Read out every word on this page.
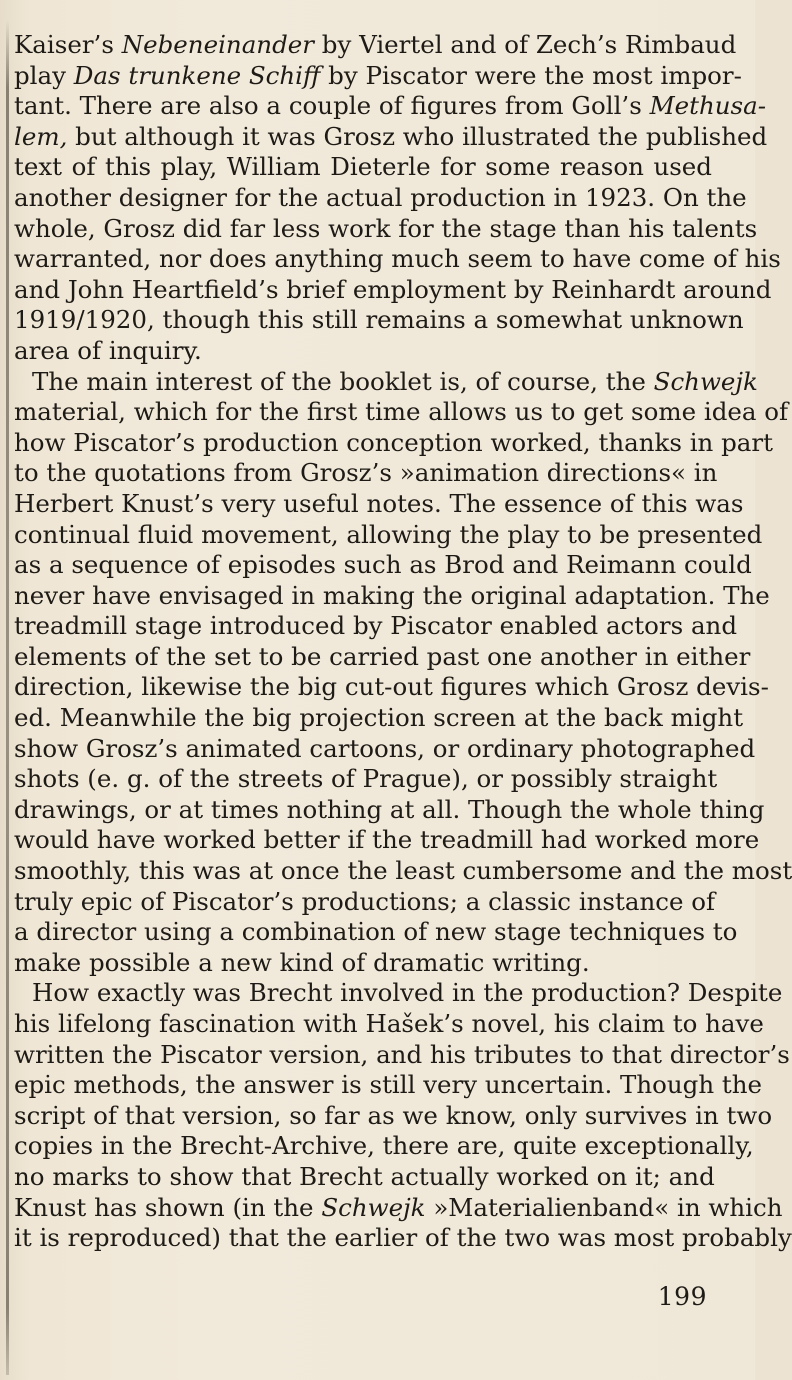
Kaiser’s Nebeneinander by Viertel and of Zech’s Rimbaud
play Das trunkene Schiff by Piscator were the most impor-
tant. There are also a couple of figures from Goll’s Methusa-
lem, but although it was Grosz who illustrated the published
text of this play, William Dieterle for some reason used
another designer for the actual production in 1923. On the
whole, Grosz did far less work for the stage than his talents
warranted, nor does anything much seem to have come of his
and John Heartfield’s brief employment by Reinhardt around
1919/1920, though this still remains a somewhat unknown
area of inquiry.
The main interest of the booklet is, of course, the Schwejk
material, which for the first time allows us to get some idea of
how Piscator’s production conception worked, thanks in part
to the quotations from Grosz’s »animation directions« in
Herbert Knust’s very useful notes. The essence of this was
continual fluid movement, allowing the play to be presented
as a sequence of episodes such as Brod and Reimann could
never have envisaged in making the original adaptation. The
treadmill stage introduced by Piscator enabled actors and
elements of the set to be carried past one another in either
direction, likewise the big cut-out figures which Grosz devis-
ed. Meanwhile the big projection screen at the back might
show Grosz’s animated cartoons, or ordinary photographed
shots (e. g. of the streets of Prague), or possibly straight
drawings, or at times nothing at all. Though the whole thing
would have worked better if the treadmill had worked more
smoothly, this was at once the least cumbersome and the most
truly epic of Piscator’s productions; a classic instance of
a director using a combination of new stage techniques to
make possible a new kind of dramatic writing.
How exactly was Brecht involved in the production? Despite
his lifelong fascination with Hašek’s novel, his claim to have
written the Piscator version, and his tributes to that director’s
epic methods, the answer is still very uncertain. Though the
script of that version, so far as we know, only survives in two
copies in the Brecht-Archive, there are, quite exceptionally,
no marks to show that Brecht actually worked on it; and
Knust has shown (in the Schwejk »Materialienband« in which
it is reproduced) that the earlier of the two was most probably
199
